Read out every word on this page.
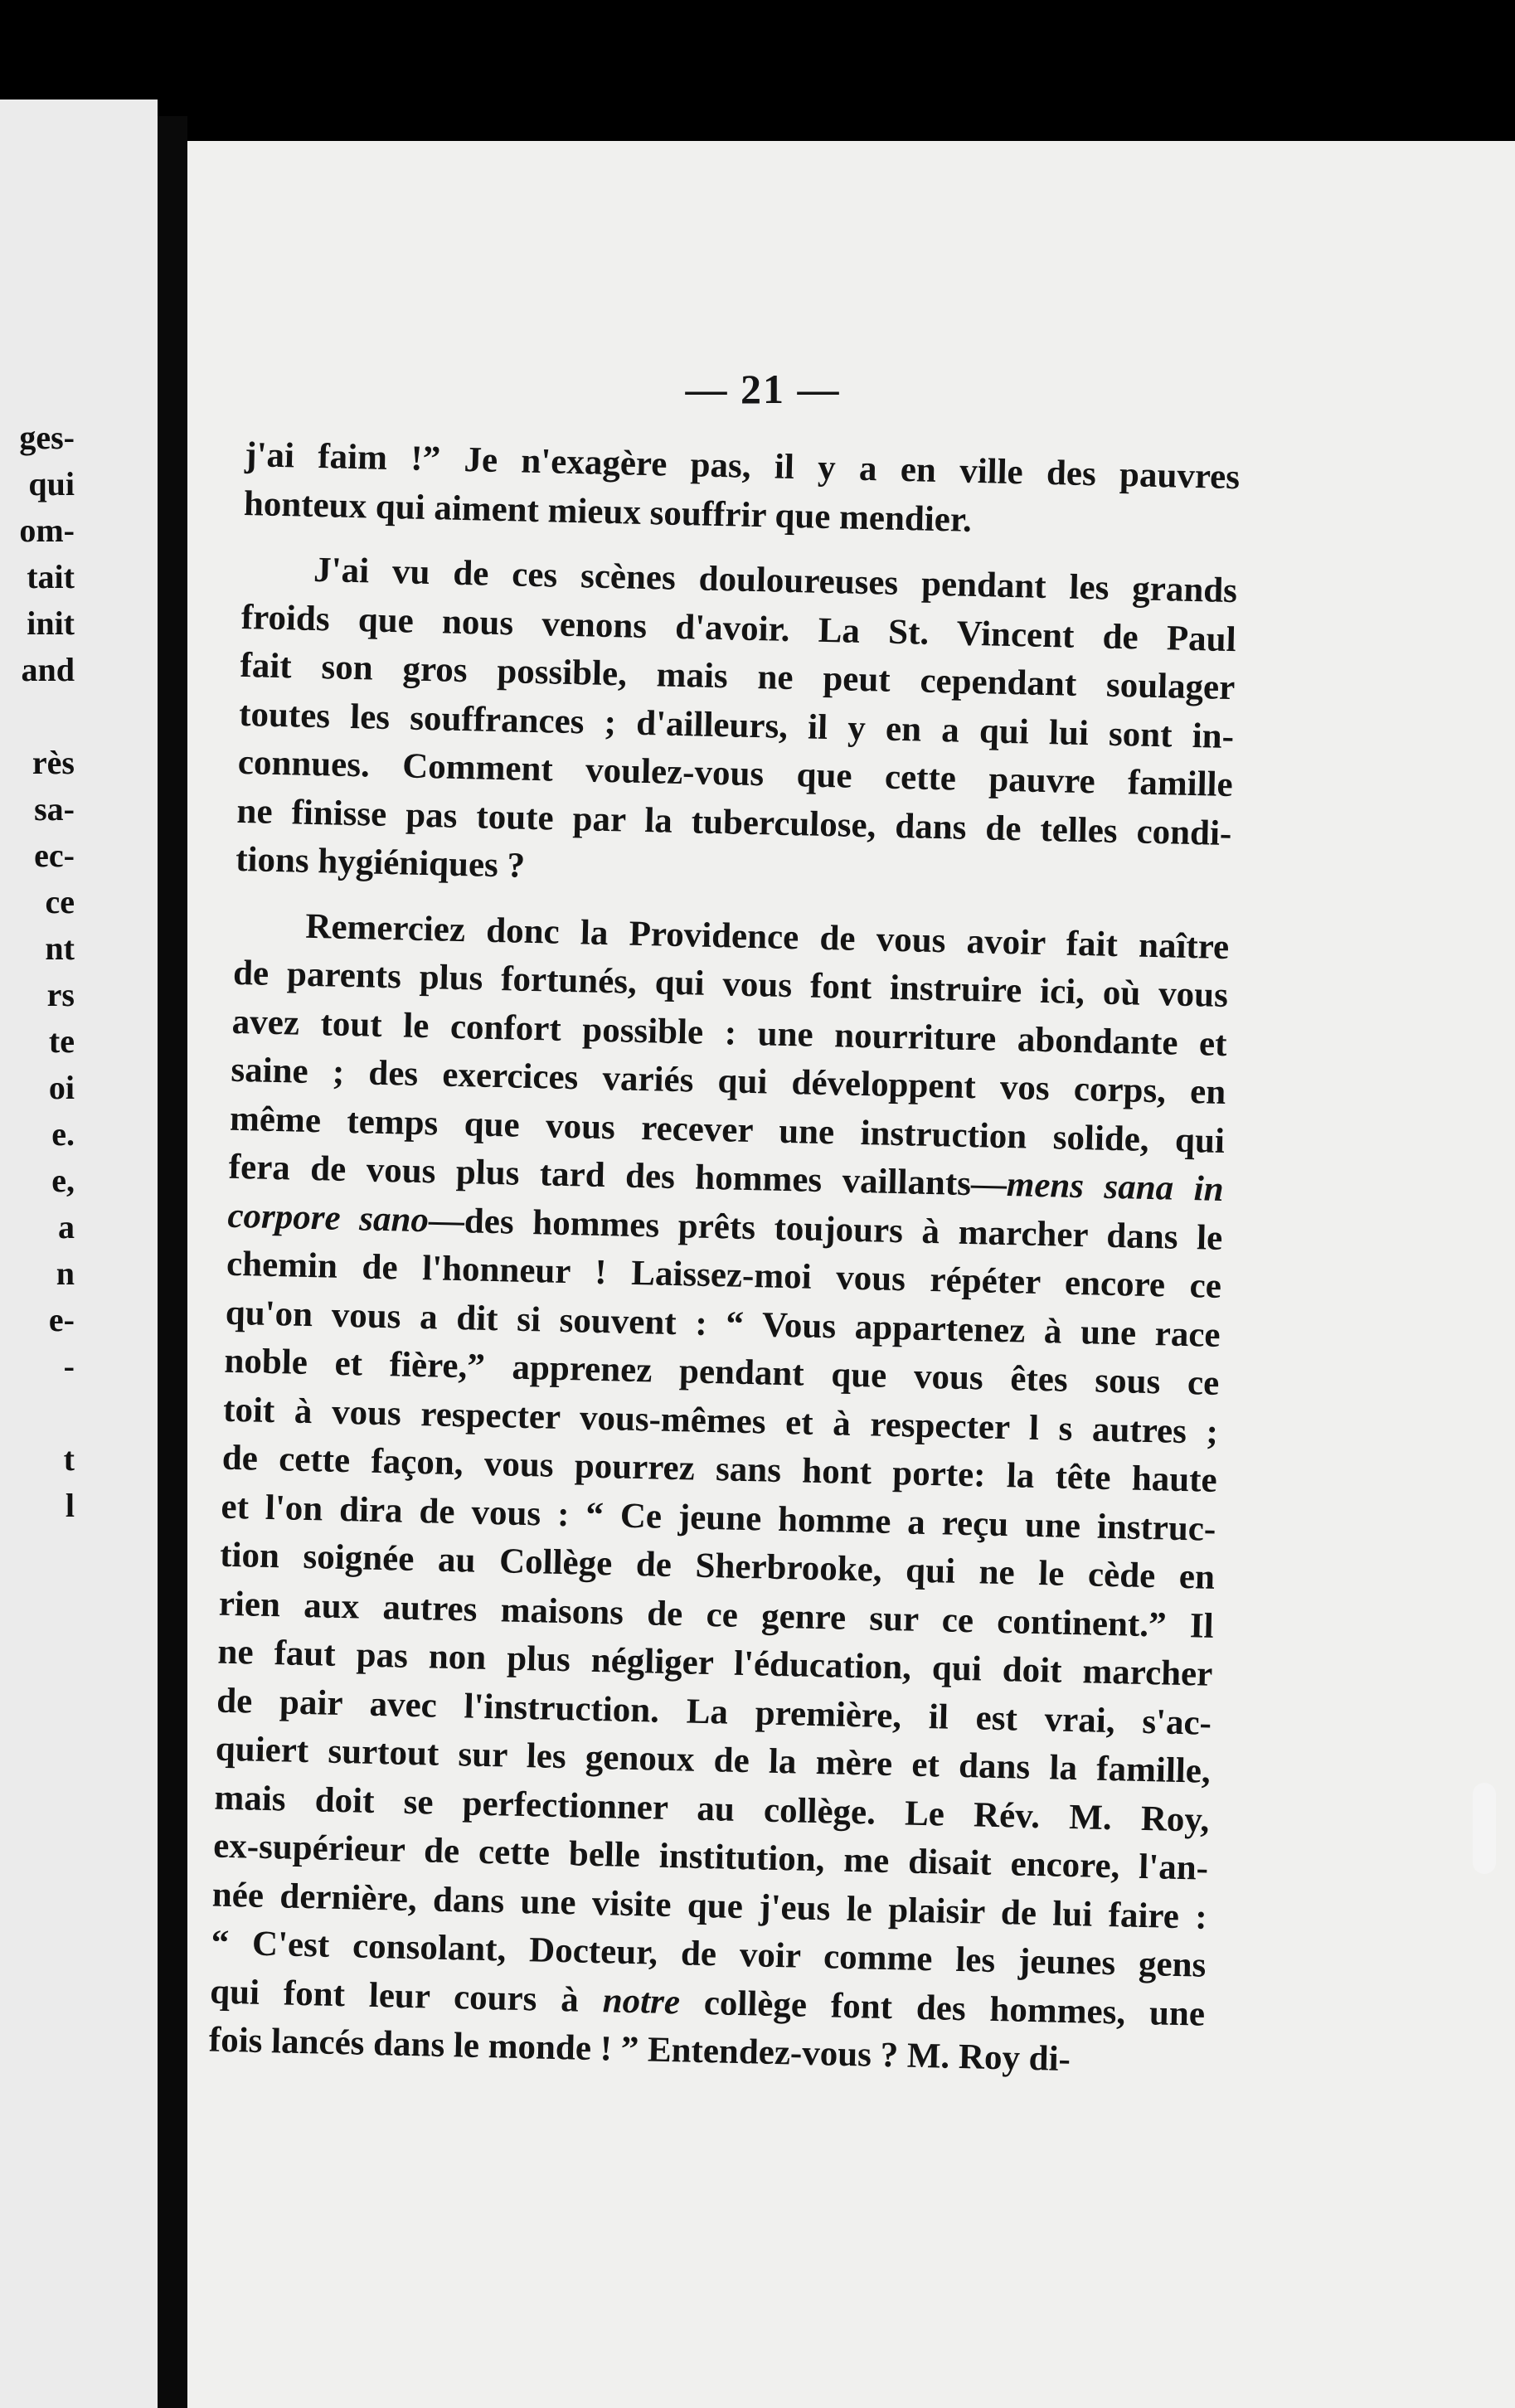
ges-
qui
om-
tait
init
and

rès
sa-
ec-
ce
nt
rs
te
oi
e.
e,
a
n
e-
-

t
l

— 21 —
j'ai faim !” Je n'exagère pas, il y a en ville des pauvres
honteux qui aiment mieux souffrir que mendier.
J'ai vu de ces scènes douloureuses pendant les grands
froids que nous venons d'avoir. La St. Vincent de Paul
fait son gros possible, mais ne peut cependant soulager
toutes les souffrances ; d'ailleurs, il y en a qui lui sont in-
connues. Comment voulez-vous que cette pauvre famille
ne finisse pas toute par la tuberculose, dans de telles condi-
tions hygiéniques ?
Remerciez donc la Providence de vous avoir fait naître
de parents plus fortunés, qui vous font instruire ici, où vous
avez tout le confort possible : une nourriture abondante et
saine ; des exercices variés qui développent vos corps, en
même temps que vous recever une instruction solide, qui
fera de vous plus tard des hommes vaillants—mens sana in
corpore sano—des hommes prêts toujours à marcher dans le
chemin de l'honneur ! Laissez-moi vous répéter encore ce
qu'on vous a dit si souvent : “ Vous appartenez à une race
noble et fière,” apprenez pendant que vous êtes sous ce
toit à vous respecter vous-mêmes et à respecter l s autres ;
de cette façon, vous pourrez sans hont porte: la tête haute
et l'on dira de vous : “ Ce jeune homme a reçu une instruc-
tion soignée au Collège de Sherbrooke, qui ne le cède en
rien aux autres maisons de ce genre sur ce continent.” Il
ne faut pas non plus négliger l'éducation, qui doit marcher
de pair avec l'instruction. La première, il est vrai, s'ac-
quiert surtout sur les genoux de la mère et dans la famille,
mais doit se perfectionner au collège. Le Rév. M. Roy,
ex-supérieur de cette belle institution, me disait encore, l'an-
née dernière, dans une visite que j'eus le plaisir de lui faire :
“ C'est consolant, Docteur, de voir comme les jeunes gens
qui font leur cours à notre collège font des hommes, une
fois lancés dans le monde ! ” Entendez-vous ? M. Roy di-
